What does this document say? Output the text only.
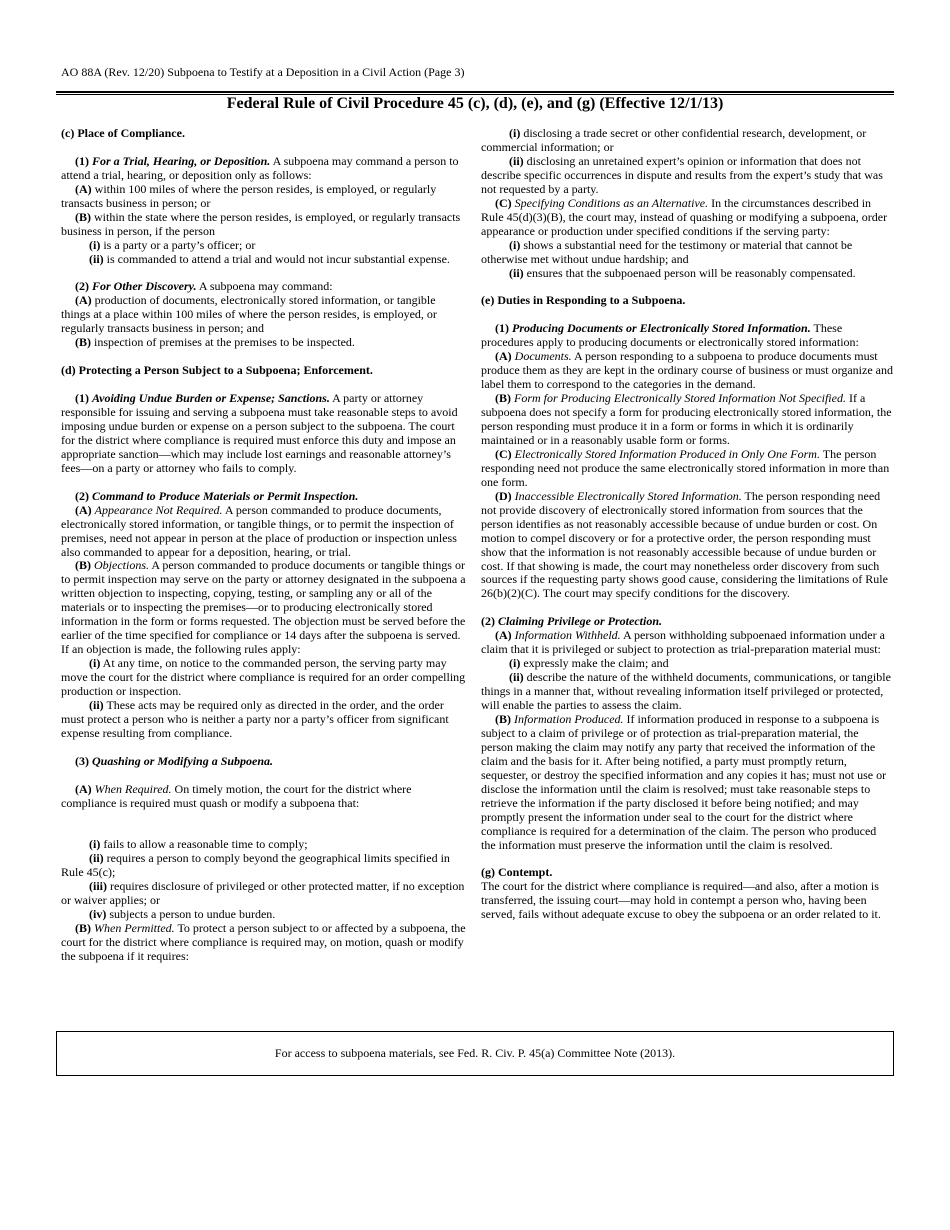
AO 88A (Rev. 12/20) Subpoena to Testify at a Deposition in a Civil Action (Page 3)
Federal Rule of Civil Procedure 45 (c), (d), (e), and (g) (Effective 12/1/13)

(c) Place of Compliance.

(1) For a Trial, Hearing, or Deposition. A subpoena may command a person to attend a trial, hearing, or deposition only as follows:

(A) within 100 miles of where the person resides, is employed, or regularly transacts business in person; or

(B) within the state where the person resides, is employed, or regularly transacts business in person, if the person

(i) is a party or a party’s officer; or

(ii) is commanded to attend a trial and would not incur substantial expense.

(2) For Other Discovery. A subpoena may command:

(A) production of documents, electronically stored information, or tangible things at a place within 100 miles of where the person resides, is employed, or regularly transacts business in person; and

(B) inspection of premises at the premises to be inspected.

(d) Protecting a Person Subject to a Subpoena; Enforcement.

(1) Avoiding Undue Burden or Expense; Sanctions. A party or attorney responsible for issuing and serving a subpoena must take reasonable steps to avoid imposing undue burden or expense on a person subject to the subpoena. The court for the district where compliance is required must enforce this duty and impose an appropriate sanction—which may include lost earnings and reasonable attorney’s fees—on a party or attorney who fails to comply.

(2) Command to Produce Materials or Permit Inspection.

(A) Appearance Not Required. A person commanded to produce documents, electronically stored information, or tangible things, or to permit the inspection of premises, need not appear in person at the place of production or inspection unless also commanded to appear for a deposition, hearing, or trial.

(B) Objections. A person commanded to produce documents or tangible things or to permit inspection may serve on the party or attorney designated in the subpoena a written objection to inspecting, copying, testing, or sampling any or all of the materials or to inspecting the premises—or to producing electronically stored information in the form or forms requested. The objection must be served before the earlier of the time specified for compliance or 14 days after the subpoena is served. If an objection is made, the following rules apply:

(i) At any time, on notice to the commanded person, the serving party may move the court for the district where compliance is required for an order compelling production or inspection.

(ii) These acts may be required only as directed in the order, and the order must protect a person who is neither a party nor a party’s officer from significant expense resulting from compliance.

(3) Quashing or Modifying a Subpoena.

(A) When Required. On timely motion, the court for the district where compliance is required must quash or modify a subpoena that:

(i) fails to allow a reasonable time to comply;

(ii) requires a person to comply beyond the geographical limits specified in Rule 45(c);

(iii) requires disclosure of privileged or other protected matter, if no exception or waiver applies; or

(iv) subjects a person to undue burden.

(B) When Permitted. To protect a person subject to or affected by a subpoena, the court for the district where compliance is required may, on motion, quash or modify the subpoena if it requires:

(i) disclosing a trade secret or other confidential research, development, or commercial information; or

(ii) disclosing an unretained expert’s opinion or information that does not describe specific occurrences in dispute and results from the expert’s study that was not requested by a party.

(C) Specifying Conditions as an Alternative. In the circumstances described in Rule 45(d)(3)(B), the court may, instead of quashing or modifying a subpoena, order appearance or production under specified conditions if the serving party:

(i) shows a substantial need for the testimony or material that cannot be otherwise met without undue hardship; and

(ii) ensures that the subpoenaed person will be reasonably compensated.

(e) Duties in Responding to a Subpoena.

(1) Producing Documents or Electronically Stored Information. These procedures apply to producing documents or electronically stored information:

(A) Documents. A person responding to a subpoena to produce documents must produce them as they are kept in the ordinary course of business or must organize and label them to correspond to the categories in the demand.

(B) Form for Producing Electronically Stored Information Not Specified. If a subpoena does not specify a form for producing electronically stored information, the person responding must produce it in a form or forms in which it is ordinarily maintained or in a reasonably usable form or forms.

(C) Electronically Stored Information Produced in Only One Form. The person responding need not produce the same electronically stored information in more than one form.

(D) Inaccessible Electronically Stored Information. The person responding need not provide discovery of electronically stored information from sources that the person identifies as not reasonably accessible because of undue burden or cost. On motion to compel discovery or for a protective order, the person responding must show that the information is not reasonably accessible because of undue burden or cost. If that showing is made, the court may nonetheless order discovery from such sources if the requesting party shows good cause, considering the limitations of Rule 26(b)(2)(C). The court may specify conditions for the discovery.

(2) Claiming Privilege or Protection.

(A) Information Withheld. A person withholding subpoenaed information under a claim that it is privileged or subject to protection as trial-preparation material must:

(i) expressly make the claim; and

(ii) describe the nature of the withheld documents, communications, or tangible things in a manner that, without revealing information itself privileged or protected, will enable the parties to assess the claim.

(B) Information Produced. If information produced in response to a subpoena is subject to a claim of privilege or of protection as trial-preparation material, the person making the claim may notify any party that received the information of the claim and the basis for it. After being notified, a party must promptly return, sequester, or destroy the specified information and any copies it has; must not use or disclose the information until the claim is resolved; must take reasonable steps to retrieve the information if the party disclosed it before being notified; and may promptly present the information under seal to the court for the district where compliance is required for a determination of the claim. The person who produced the information must preserve the information until the claim is resolved.

(g) Contempt.

The court for the district where compliance is required—and also, after a motion is transferred, the issuing court—may hold in contempt a person who, having been served, fails without adequate excuse to obey the subpoena or an order related to it.

For access to subpoena materials, see Fed. R. Civ. P. 45(a) Committee Note (2013).
